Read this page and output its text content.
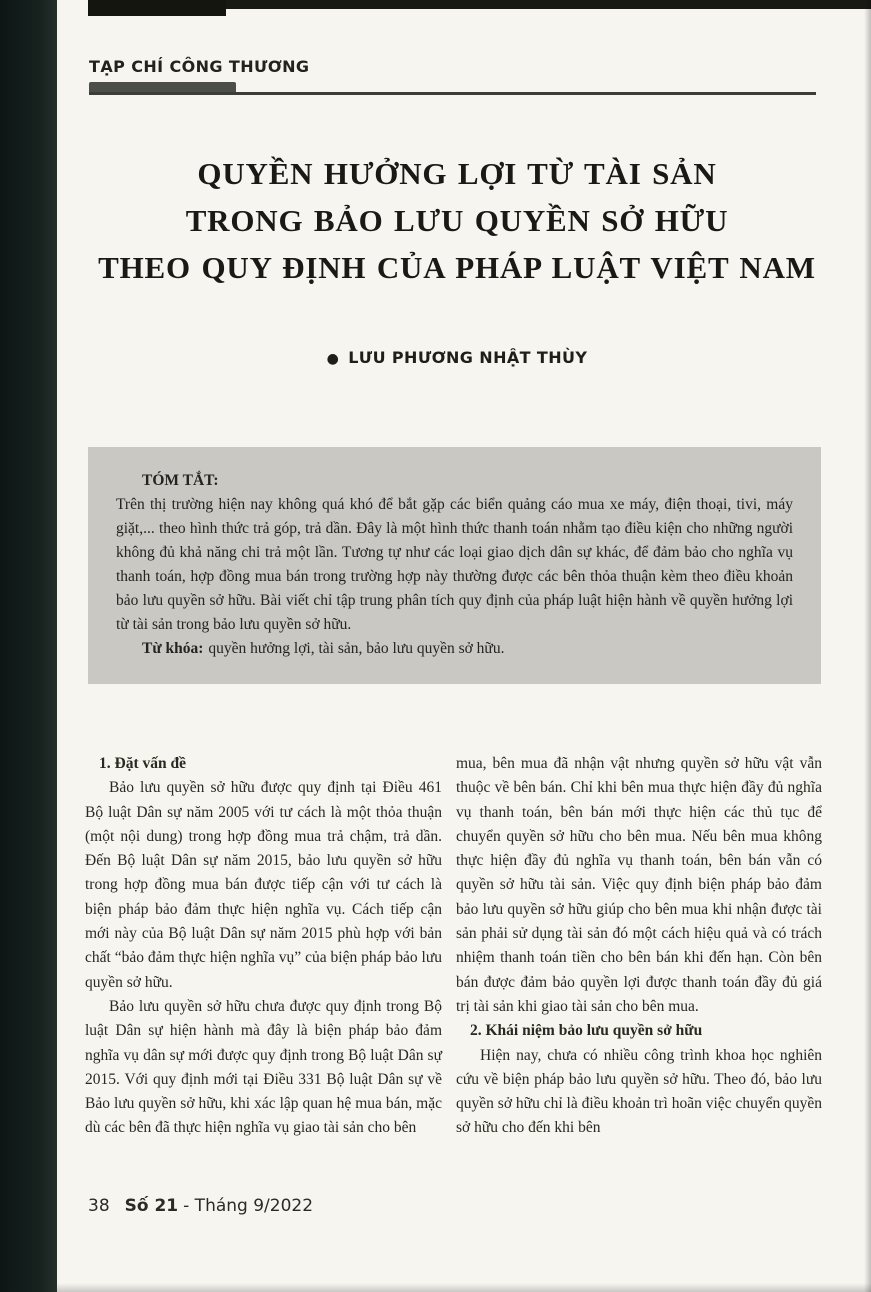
TẠP CHÍ CÔNG THƯƠNG
QUYỀN HƯỞNG LỢI TỪ TÀI SẢN
TRONG BẢO LƯU QUYỀN SỞ HỮU
THEO QUY ĐỊNH CỦA PHÁP LUẬT VIỆT NAM
● LƯU PHƯƠNG NHẬT THÙY
TÓM TẮT:

Trên thị trường hiện nay không quá khó để bắt gặp các biển quảng cáo mua xe máy, điện thoại, tivi, máy giặt,... theo hình thức trả góp, trả dần. Đây là một hình thức thanh toán nhằm tạo điều kiện cho những người không đủ khả năng chi trả một lần. Tương tự như các loại giao dịch dân sự khác, để đảm bảo cho nghĩa vụ thanh toán, hợp đồng mua bán trong trường hợp này thường được các bên thỏa thuận kèm theo điều khoản bảo lưu quyền sở hữu. Bài viết chỉ tập trung phân tích quy định của pháp luật hiện hành về quyền hưởng lợi từ tài sản trong bảo lưu quyền sở hữu.

Từ khóa: quyền hưởng lợi, tài sản, bảo lưu quyền sở hữu.

1. Đặt vấn đề

Bảo lưu quyền sở hữu được quy định tại Điều 461 Bộ luật Dân sự năm 2005 với tư cách là một thỏa thuận (một nội dung) trong hợp đồng mua trả chậm, trả dần. Đến Bộ luật Dân sự năm 2015, bảo lưu quyền sở hữu trong hợp đồng mua bán được tiếp cận với tư cách là biện pháp bảo đảm thực hiện nghĩa vụ. Cách tiếp cận mới này của Bộ luật Dân sự năm 2015 phù hợp với bản chất “bảo đảm thực hiện nghĩa vụ” của biện pháp bảo lưu quyền sở hữu.

Bảo lưu quyền sở hữu chưa được quy định trong Bộ luật Dân sự hiện hành mà đây là biện pháp bảo đảm nghĩa vụ dân sự mới được quy định trong Bộ luật Dân sự 2015. Với quy định mới tại Điều 331 Bộ luật Dân sự về Bảo lưu quyền sở hữu, khi xác lập quan hệ mua bán, mặc dù các bên đã thực hiện nghĩa vụ giao tài sản cho bên

mua, bên mua đã nhận vật nhưng quyền sở hữu vật vẫn thuộc về bên bán. Chỉ khi bên mua thực hiện đầy đủ nghĩa vụ thanh toán, bên bán mới thực hiện các thủ tục để chuyển quyền sở hữu cho bên mua. Nếu bên mua không thực hiện đầy đủ nghĩa vụ thanh toán, bên bán vẫn có quyền sở hữu tài sản. Việc quy định biện pháp bảo đảm bảo lưu quyền sở hữu giúp cho bên mua khi nhận được tài sản phải sử dụng tài sản đó một cách hiệu quả và có trách nhiệm thanh toán tiền cho bên bán khi đến hạn. Còn bên bán được đảm bảo quyền lợi được thanh toán đầy đủ giá trị tài sản khi giao tài sản cho bên mua.

2. Khái niệm bảo lưu quyền sở hữu

Hiện nay, chưa có nhiều công trình khoa học nghiên cứu về biện pháp bảo lưu quyền sở hữu. Theo đó, bảo lưu quyền sở hữu chỉ là điều khoản trì hoãn việc chuyển quyền sở hữu cho đến khi bên

38 Số 21 - Tháng 9/2022
